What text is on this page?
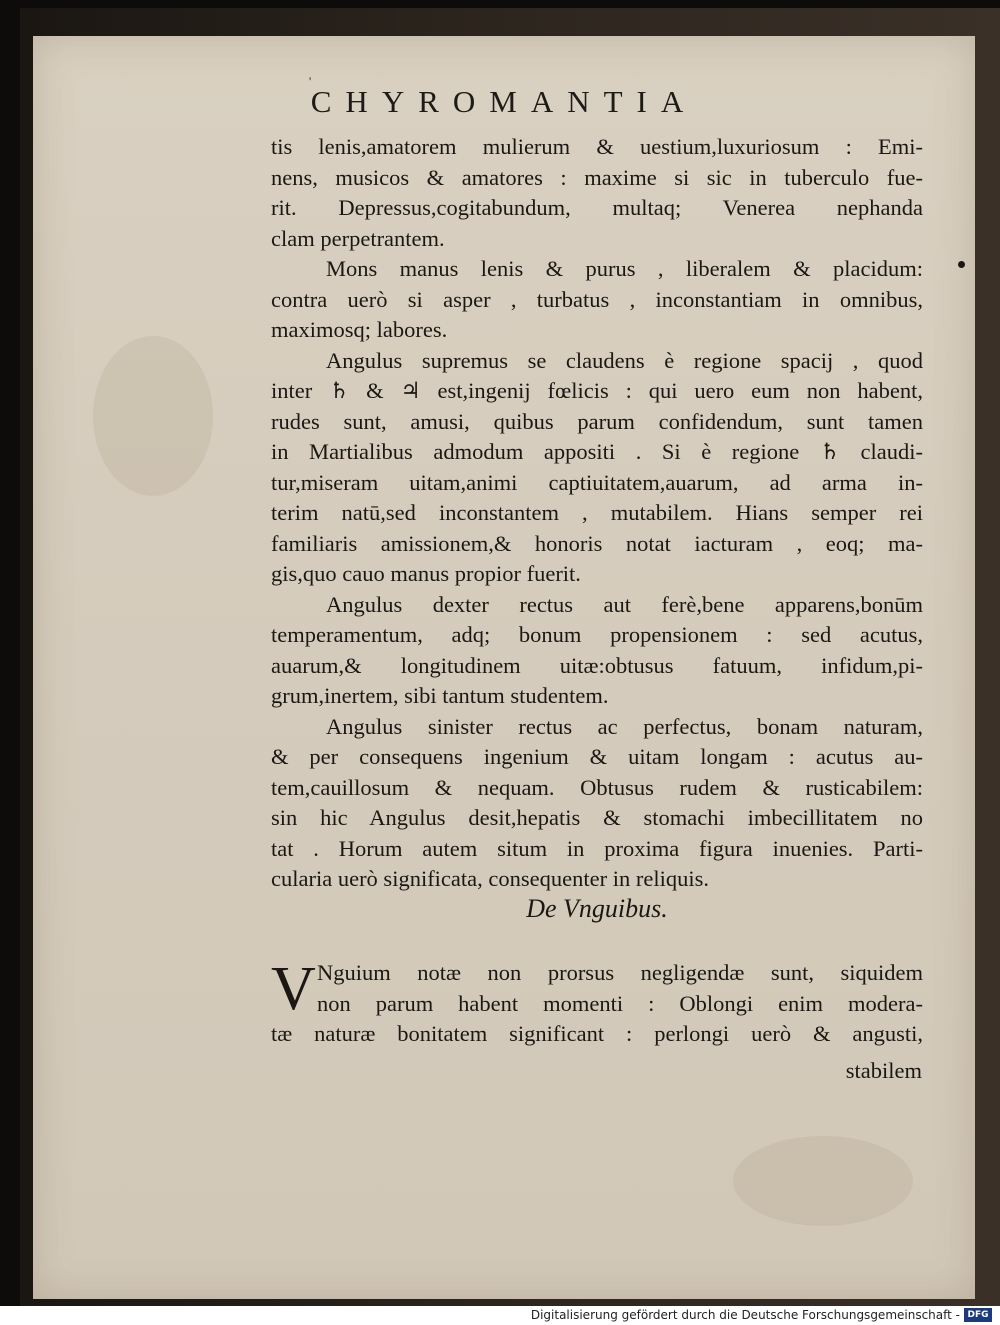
'
CHYROMANTIA
tis lenis,amatorem mulierum & uestium,luxuriosum : Emi-
nens, musicos & amatores : maxime si sic in tuberculo fue-
rit. Depressus,cogitabundum, multaq; Venerea nephanda
clam perpetrantem.
Mons manus lenis & purus , liberalem & placidum:
contra uerò si asper , turbatus , inconstantiam in omnibus,
maximosq; labores.
Angulus supremus se claudens è regione spacij , quod
inter ♄ & ♃ est,ingenij fœlicis : qui uero eum non habent,
rudes sunt, amusi, quibus parum confidendum, sunt tamen
in Martialibus admodum appositi . Si è regione ♄ claudi-
tur,miseram uitam,animi captiuitatem,auarum, ad arma in-
terim natū,sed inconstantem , mutabilem. Hians semper rei
familiaris amissionem,& honoris notat iacturam , eoq; ma-
gis,quo cauo manus propior fuerit.
Angulus dexter rectus aut ferè,bene apparens,bonūm
temperamentum, adq; bonum propensionem : sed acutus,
auarum,& longitudinem uitæ:obtusus fatuum, infidum,pi-
grum,inertem, sibi tantum studentem.
Angulus sinister rectus ac perfectus, bonam naturam,
& per consequens ingenium & uitam longam : acutus au-
tem,cauillosum & nequam. Obtusus rudem & rusticabilem:
sin hic Angulus desit,hepatis & stomachi imbecillitatem no
tat . Horum autem situm in proxima figura inuenies. Parti-
cularia uerò significata, consequenter in reliquis.
De Vnguibus.
V Nguium notæ non prorsus negligendæ sunt, siquidem
non parum habent momenti : Oblongi enim modera-
tæ naturæ bonitatem significant : perlongi uerò & angusti,
stabilem
Digitalisierung gefördert durch die Deutsche Forschungsgemeinschaft - DFG
